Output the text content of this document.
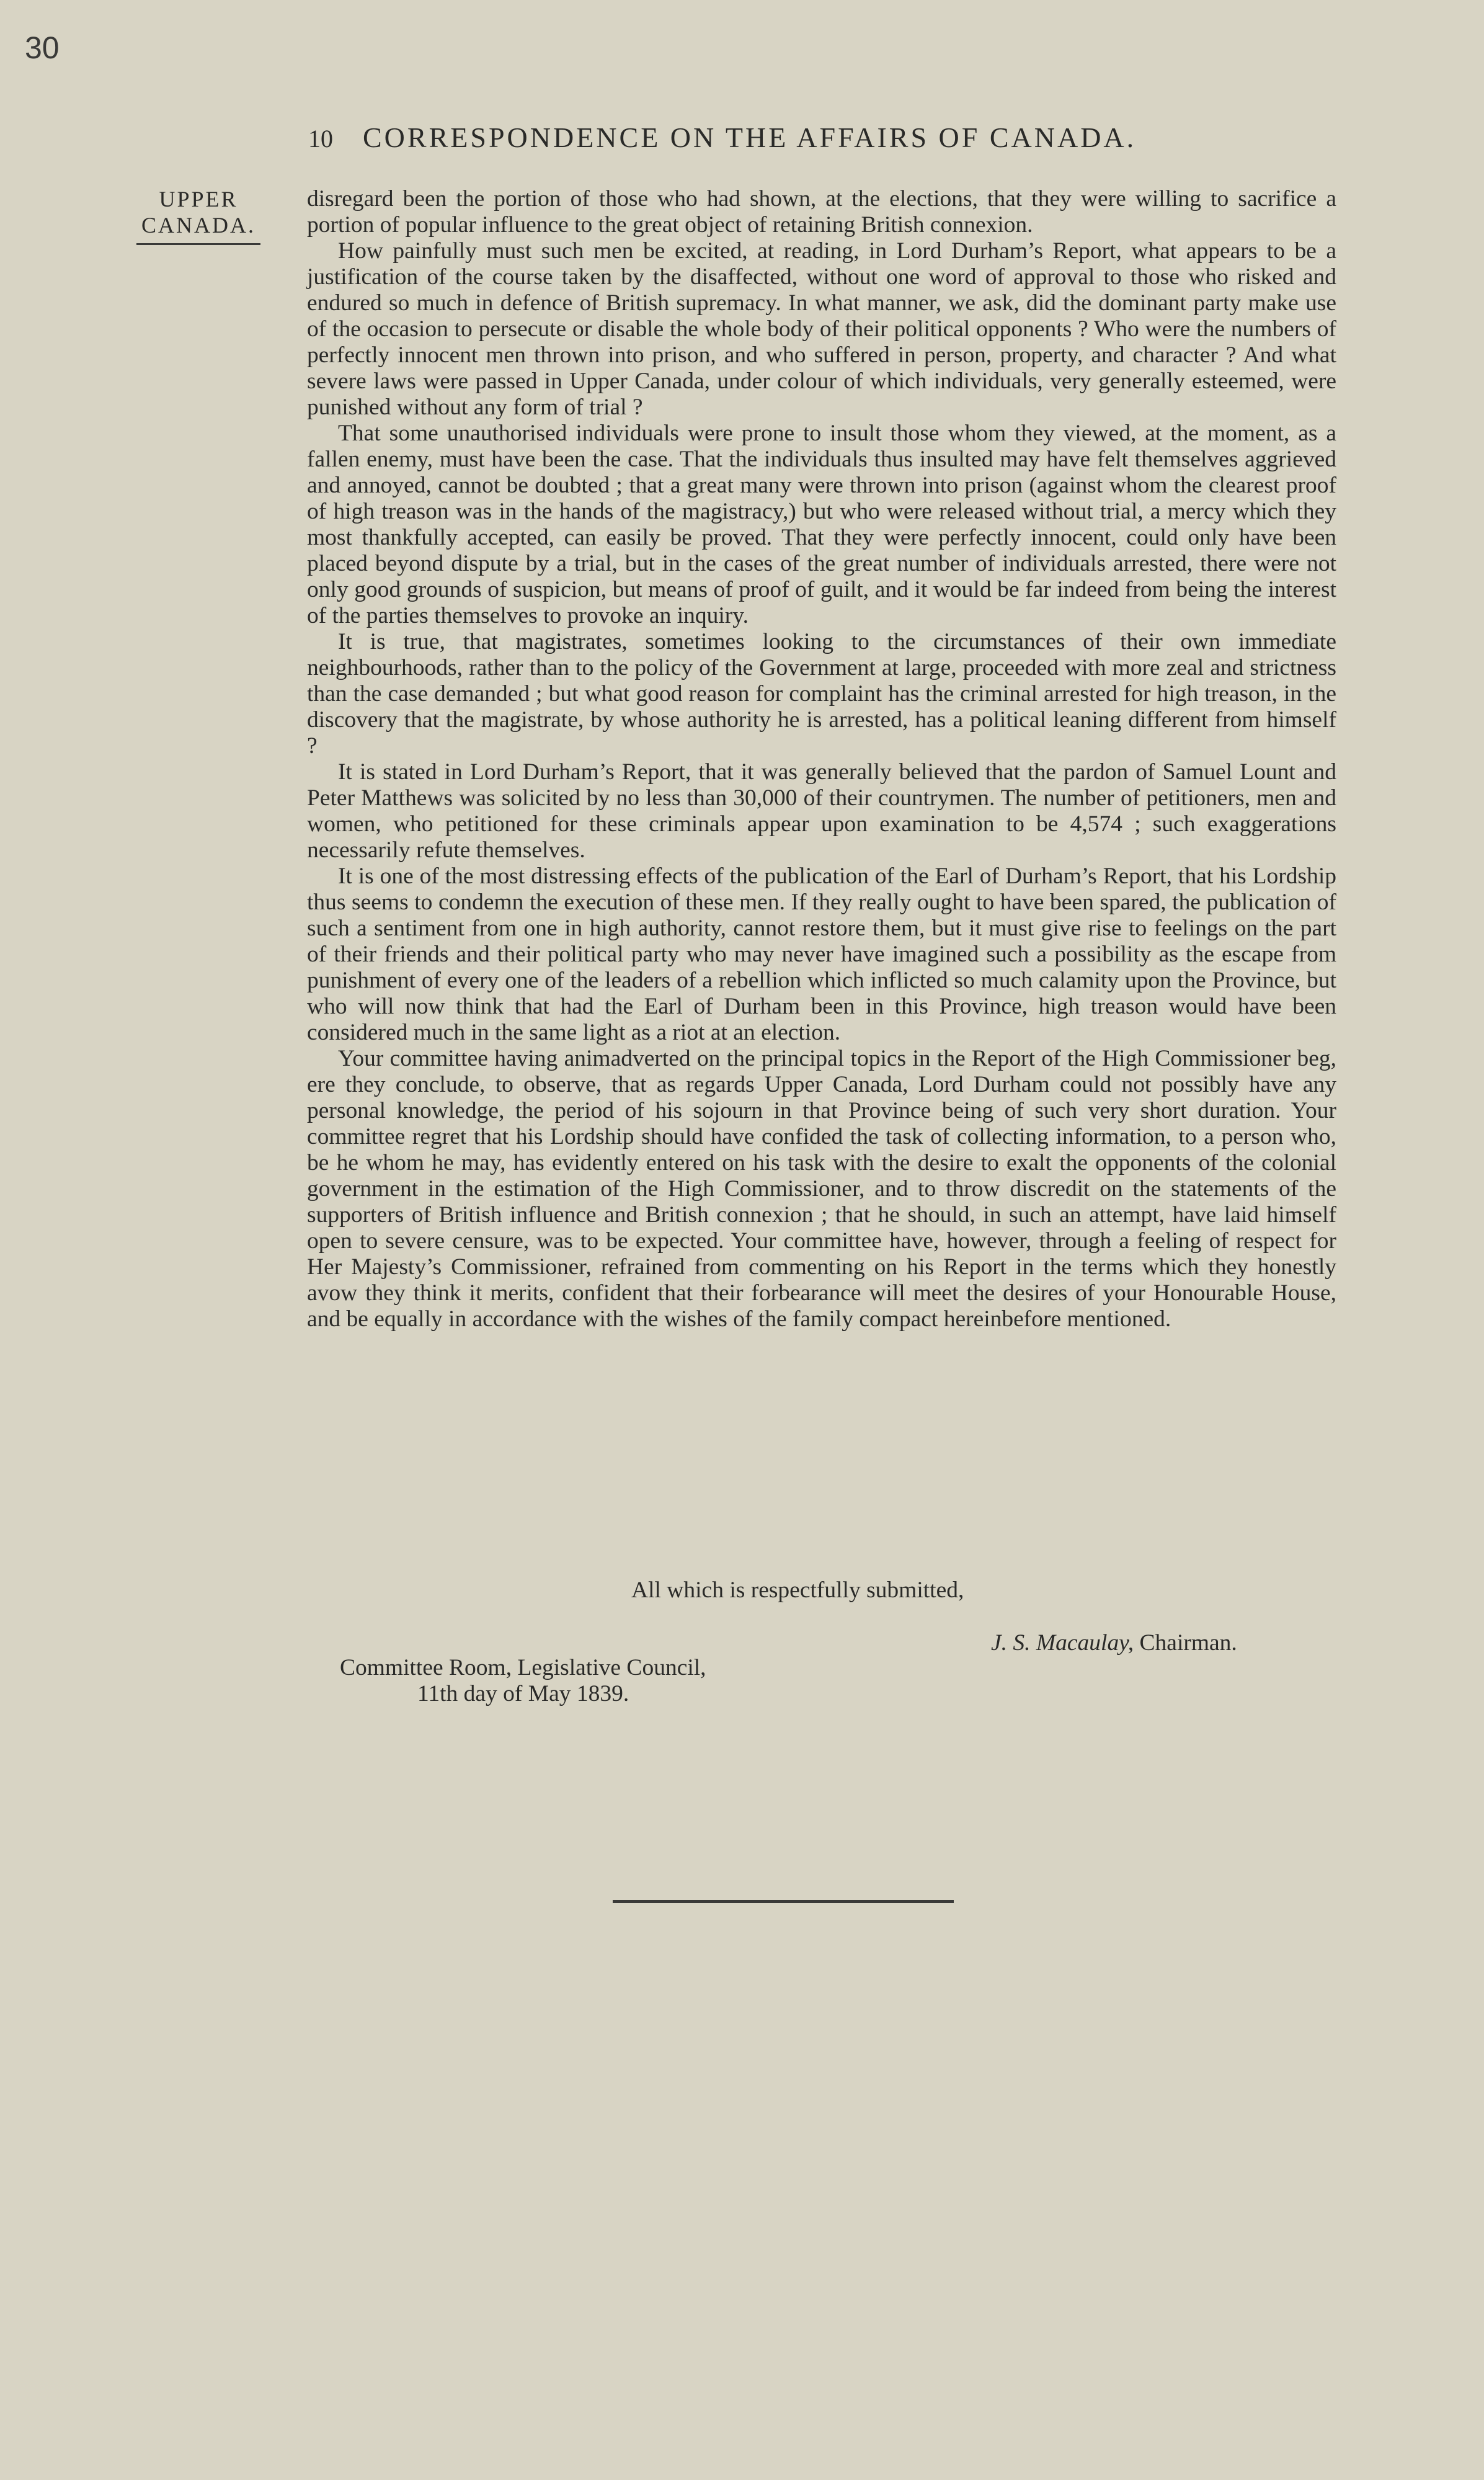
30
10 CORRESPONDENCE ON THE AFFAIRS OF CANADA.
UPPER
CANADA.

disregard been the portion of those who had shown, at the elections, that they were willing to sacrifice a portion of popular influence to the great object of retaining British connexion.

How painfully must such men be excited, at reading, in Lord Durham’s Report, what appears to be a justification of the course taken by the disaffected, without one word of approval to those who risked and endured so much in defence of British supremacy. In what manner, we ask, did the dominant party make use of the occasion to persecute or disable the whole body of their political opponents ? Who were the numbers of perfectly innocent men thrown into prison, and who suffered in person, property, and character ? And what severe laws were passed in Upper Canada, under colour of which individuals, very generally esteemed, were punished without any form of trial ?

That some unauthorised individuals were prone to insult those whom they viewed, at the moment, as a fallen enemy, must have been the case. That the individuals thus insulted may have felt themselves aggrieved and annoyed, cannot be doubted ; that a great many were thrown into prison (against whom the clearest proof of high treason was in the hands of the magistracy,) but who were released without trial, a mercy which they most thankfully accepted, can easily be proved. That they were perfectly innocent, could only have been placed beyond dispute by a trial, but in the cases of the great number of individuals arrested, there were not only good grounds of suspicion, but means of proof of guilt, and it would be far indeed from being the interest of the parties themselves to provoke an inquiry.

It is true, that magistrates, sometimes looking to the circumstances of their own immediate neighbourhoods, rather than to the policy of the Government at large, proceeded with more zeal and strictness than the case demanded ; but what good reason for complaint has the criminal arrested for high treason, in the discovery that the magistrate, by whose authority he is arrested, has a political leaning different from himself ?

It is stated in Lord Durham’s Report, that it was generally believed that the pardon of Samuel Lount and Peter Matthews was solicited by no less than 30,000 of their countrymen. The number of petitioners, men and women, who petitioned for these criminals appear upon examination to be 4,574 ; such exaggerations necessarily refute themselves.

It is one of the most distressing effects of the publication of the Earl of Durham’s Report, that his Lordship thus seems to condemn the execution of these men. If they really ought to have been spared, the publication of such a sentiment from one in high authority, cannot restore them, but it must give rise to feelings on the part of their friends and their political party who may never have imagined such a possibility as the escape from punishment of every one of the leaders of a rebellion which inflicted so much calamity upon the Province, but who will now think that had the Earl of Durham been in this Province, high treason would have been considered much in the same light as a riot at an election.

Your committee having animadverted on the principal topics in the Report of the High Commissioner beg, ere they conclude, to observe, that as regards Upper Canada, Lord Durham could not possibly have any personal knowledge, the period of his sojourn in that Province being of such very short duration. Your committee regret that his Lordship should have confided the task of collecting information, to a person who, be he whom he may, has evidently entered on his task with the desire to exalt the opponents of the colonial government in the estimation of the High Commissioner, and to throw discredit on the statements of the supporters of British influence and British connexion ; that he should, in such an attempt, have laid himself open to severe censure, was to be expected. Your committee have, however, through a feeling of respect for Her Majesty’s Commissioner, refrained from commenting on his Report in the terms which they honestly avow they think it merits, confident that their forbearance will meet the desires of your Honourable House, and be equally in accordance with the wishes of the family compact hereinbefore mentioned.

All which is respectfully submitted,
J. S. Macaulay, Chairman.
Committee Room, Legislative Council,
11th day of May 1839.
